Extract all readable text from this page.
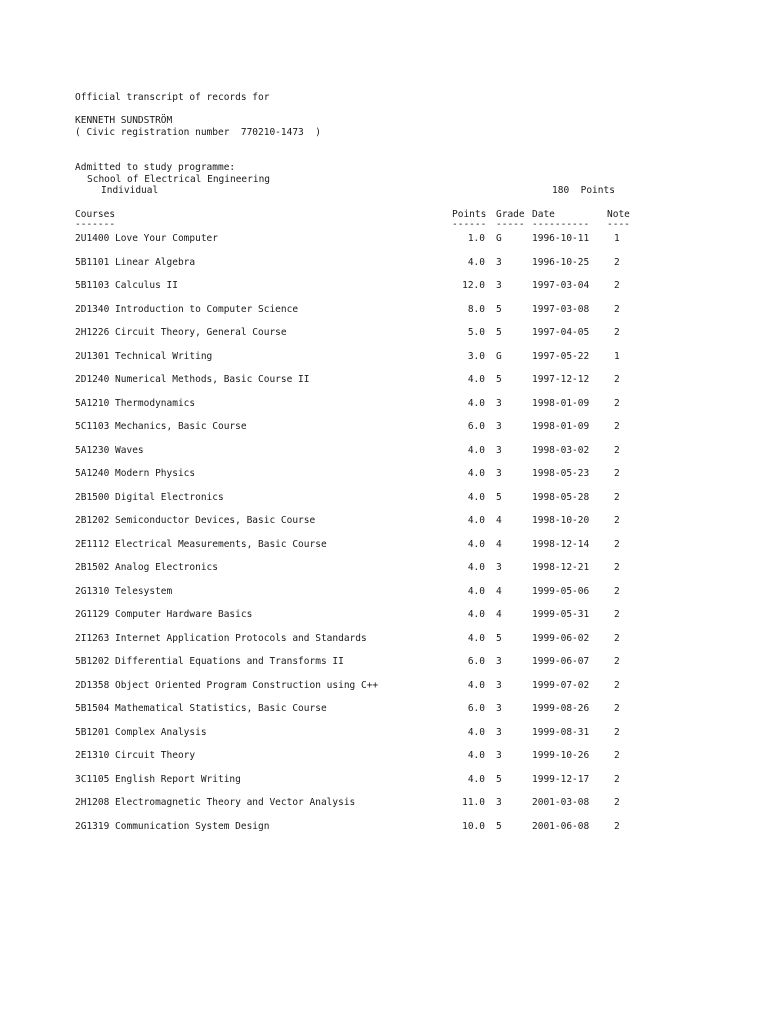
Official transcript of records for
KENNETH SUNDSTRÖM
( Civic registration number  770210-1473  )
Admitted to study programme:
School of Electrical Engineering
Individual	180  Points
Courses	Points Grade Date	Note
-------	------ ----- ---------- ----
2U1400 Love Your Computer	1.0 G	1996-10-11	1
5B1101 Linear Algebra	4.0 3	1996-10-25	2
5B1103 Calculus II	12.0 3	1997-03-04	2
2D1340 Introduction to Computer Science	8.0 5	1997-03-08	2
2H1226 Circuit Theory, General Course	5.0 5	1997-04-05	2
2U1301 Technical Writing	3.0 G	1997-05-22	1
2D1240 Numerical Methods, Basic Course II	4.0 5	1997-12-12	2
5A1210 Thermodynamics	4.0 3	1998-01-09	2
5C1103 Mechanics, Basic Course	6.0 3	1998-01-09	2
5A1230 Waves	4.0 3	1998-03-02	2
5A1240 Modern Physics	4.0 3	1998-05-23	2
2B1500 Digital Electronics	4.0 5	1998-05-28	2
2B1202 Semiconductor Devices, Basic Course	4.0 4	1998-10-20	2
2E1112 Electrical Measurements, Basic Course	4.0 4	1998-12-14	2
2B1502 Analog Electronics	4.0 3	1998-12-21	2
2G1310 Telesystem	4.0 4	1999-05-06	2
2G1129 Computer Hardware Basics	4.0 4	1999-05-31	2
2I1263 Internet Application Protocols and Standards	4.0 5	1999-06-02	2
5B1202 Differential Equations and Transforms II	6.0 3	1999-06-07	2
2D1358 Object Oriented Program Construction using C++	4.0 3	1999-07-02	2
5B1504 Mathematical Statistics, Basic Course	6.0 3	1999-08-26	2
5B1201 Complex Analysis	4.0 3	1999-08-31	2
2E1310 Circuit Theory	4.0 3	1999-10-26	2
3C1105 English Report Writing	4.0 5	1999-12-17	2
2H1208 Electromagnetic Theory and Vector Analysis	11.0 3	2001-03-08	2
2G1319 Communication System Design	10.0 5	2001-06-08	2
